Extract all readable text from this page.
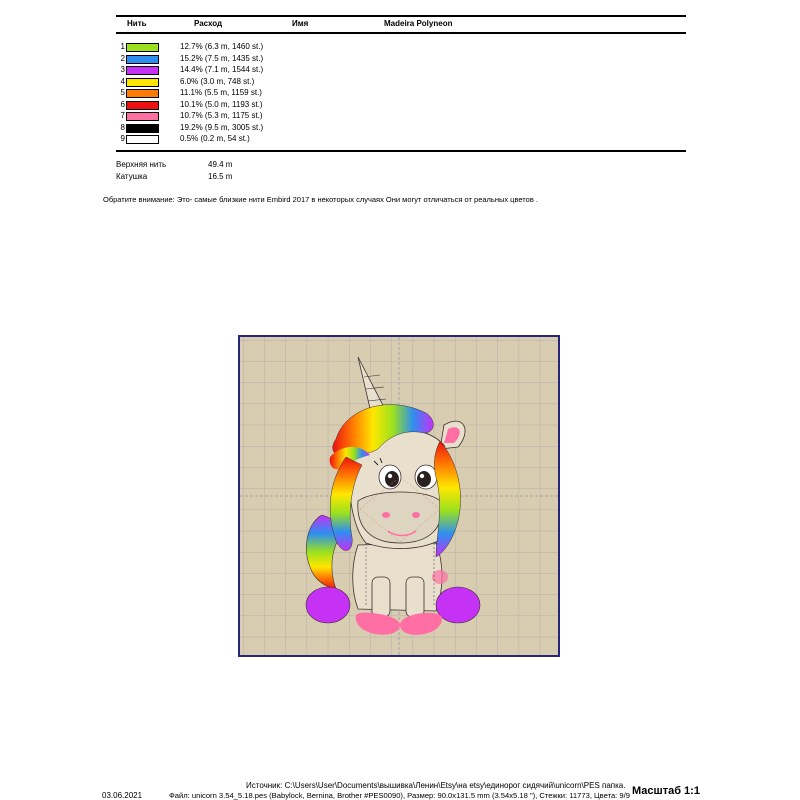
Нить	Расход	Имя	Madeira Polyneon
1	12.7% (6.3 m, 1460 st.)
2	15.2% (7.5 m, 1435 st.)
3	14.4% (7.1 m, 1544 st.)
4	6.0% (3.0 m, 748 st.)
5	11.1% (5.5 m, 1159 st.)
6	10.1% (5.0 m, 1193 st.)
7	10.7% (5.3 m, 1175 st.)
8	19.2% (9.5 m, 3005 st.)
9	0.5% (0.2 m, 54 st.)
Верхняя нить	49.4 m
Катушка	16.5 m
Обратите внимание: Это- самые близкие нити Embird 2017 в некоторых случаях Они могут отличаться от реальных цветов .
03.06.2021
Источник: C:\Users\User\Documents\вышивка\Ленин\Etsy\на etsy\единорог сидячий\unicorn\PES папка.
Файл: unicorn 3.54_5.18.pes (Babylock, Bernina, Brother #PES0090), Размер: 90.0x131.5 mm (3.54x5.18 "), Стежки: 11773, Цвета: 9/9 Масштаб 1:1
